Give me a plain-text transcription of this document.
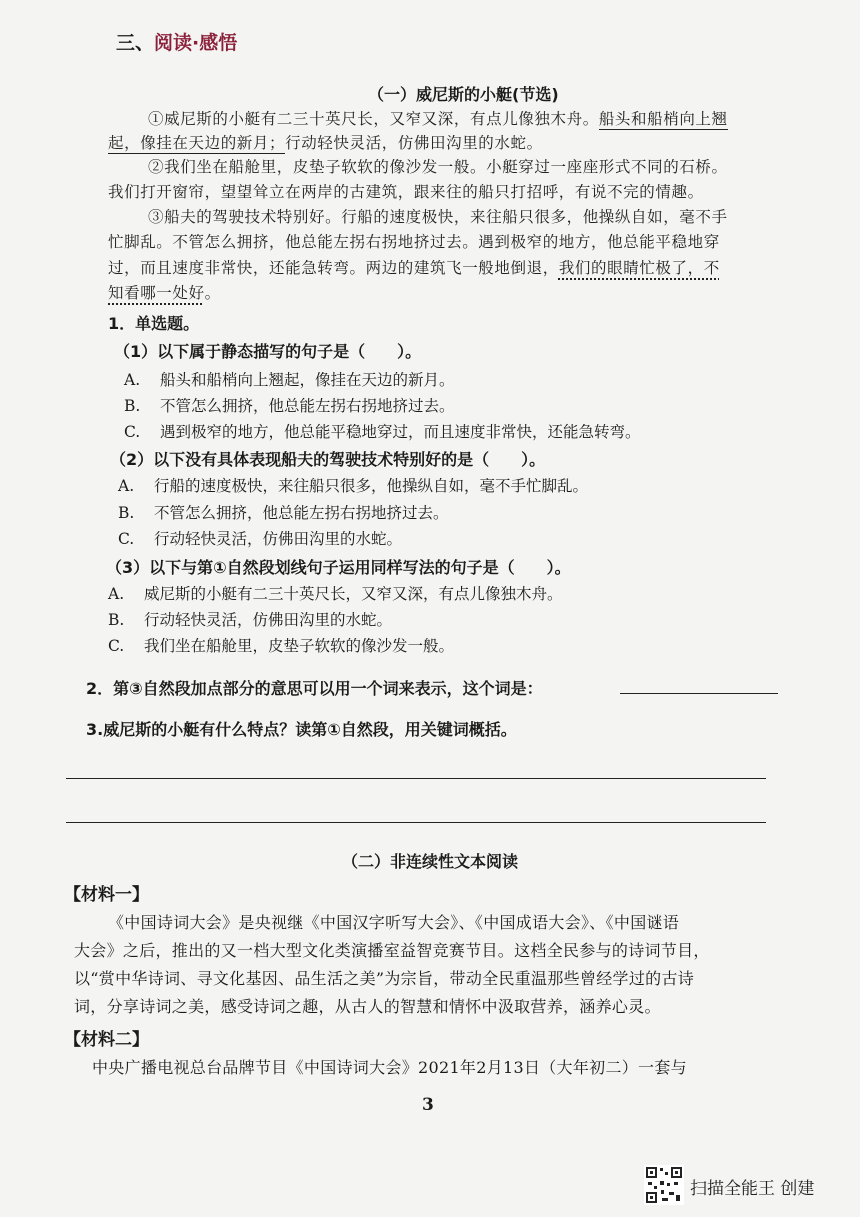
三、阅读·感悟
（一）威尼斯的小艇(节选)
①威尼斯的小艇有二三十英尺长，又窄又深，有点儿像独木舟。船头和船梢向上翘
起，像挂在天边的新月；行动轻快灵活，仿佛田沟里的水蛇。
②我们坐在船舱里，皮垫子软软的像沙发一般。小艇穿过一座座形式不同的石桥。
我们打开窗帘，望望耸立在两岸的古建筑，跟来往的船只打招呼，有说不完的情趣。
③船夫的驾驶技术特别好。行船的速度极快，来往船只很多，他操纵自如，毫不手
忙脚乱。不管怎么拥挤，他总能左拐右拐地挤过去。遇到极窄的地方，他总能平稳地穿
过，而且速度非常快，还能急转弯。两边的建筑飞一般地倒退，我们的眼睛忙极了，不
知看哪一处好。
1．单选题。
（1）以下属于静态描写的句子是（　　）。
A. 船头和船梢向上翘起，像挂在天边的新月。
B. 不管怎么拥挤，他总能左拐右拐地挤过去。
C. 遇到极窄的地方，他总能平稳地穿过，而且速度非常快，还能急转弯。
（2）以下没有具体表现船夫的驾驶技术特别好的是（　　）。
A. 行船的速度极快，来往船只很多，他操纵自如，毫不手忙脚乱。
B. 不管怎么拥挤，他总能左拐右拐地挤过去。
C. 行动轻快灵活，仿佛田沟里的水蛇。
（3）以下与第①自然段划线句子运用同样写法的句子是（　　）。
A. 威尼斯的小艇有二三十英尺长，又窄又深，有点儿像独木舟。
B. 行动轻快灵活，仿佛田沟里的水蛇。
C. 我们坐在船舱里，皮垫子软软的像沙发一般。
2．第③自然段加点部分的意思可以用一个词来表示，这个词是：
3.威尼斯的小艇有什么特点？读第①自然段，用关键词概括。
（二）非连续性文本阅读
【材料一】
《中国诗词大会》是央视继《中国汉字听写大会》、《中国成语大会》、《中国谜语
大会》之后，推出的又一档大型文化类演播室益智竞赛节目。这档全民参与的诗词节目，
以“赏中华诗词、寻文化基因、品生活之美”为宗旨，带动全民重温那些曾经学过的古诗
词，分享诗词之美，感受诗词之趣，从古人的智慧和情怀中汲取营养，涵养心灵。
【材料二】
中央广播电视总台品牌节目《中国诗词大会》2021年2月13日（大年初二）一套与
3
扫描全能王 创建
